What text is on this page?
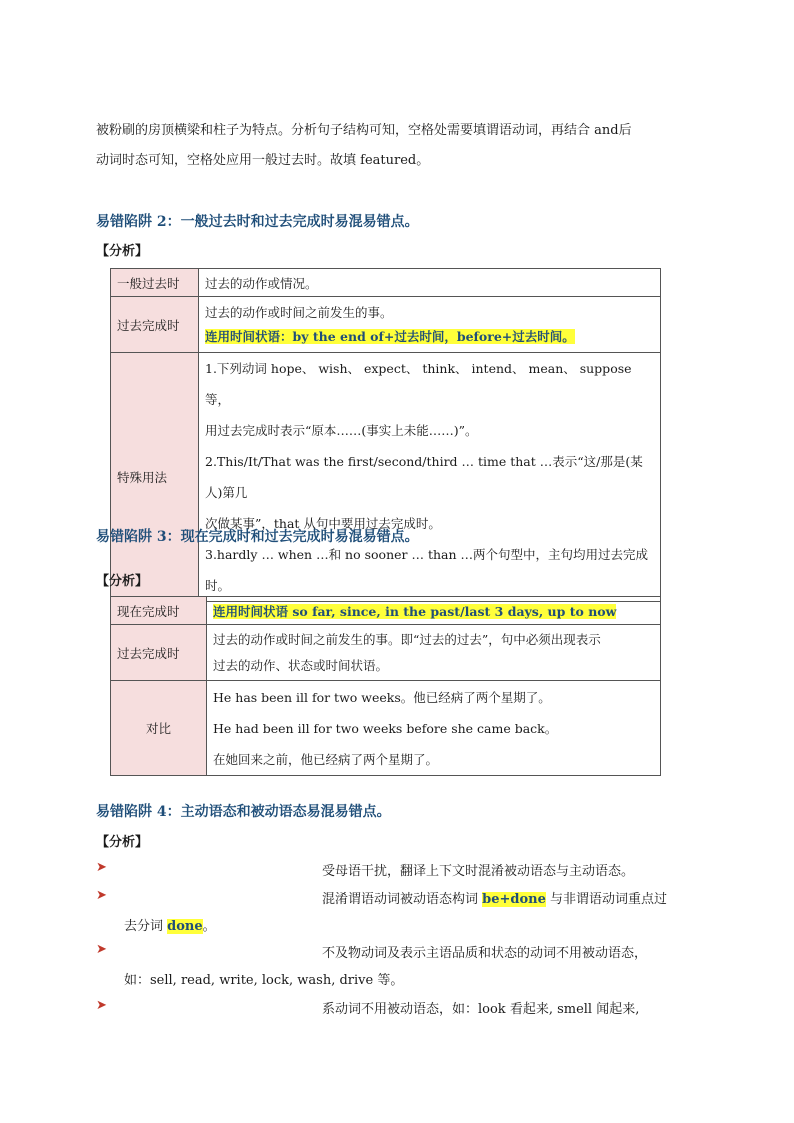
被粉刷的房顶横梁和柱子为特点。分析句子结构可知，空格处需要填谓语动词，再结合 and后
动词时态可知，空格处应用一般过去时。故填 featured。
易错陷阱 2：一般过去时和过去完成时易混易错点。
【分析】
一般过去时	过去的动作或情况。
过去完成时	过去的动作或时间之前发生的事。
连用时间状语：by the end of+过去时间，before+过去时间。

特殊用法	1.下列动词 hope、 wish、 expect、 think、 intend、 mean、 suppose等，
用过去完成时表示“原本……(事实上未能……)”。
2.This/It/That was the first/second/third … time that …表示“这/那是(某人)第几
次做某事”，that 从句中要用过去完成时。
3.hardly … when …和 no sooner … than …两个句型中，主句均用过去完成时。
易错陷阱 3：现在完成时和过去完成时易混易错点。
【分析】
现在完成时	连用时间状语 so far, since, in the past/last 3 days, up to now
过去完成时	过去的动作或时间之前发生的事。即“过去的过去”，句中必须出现表示
过去的动作、状态或时间状语。

对比	He has been ill for two weeks。他已经病了两个星期了。
He had been ill for two weeks before she came back。
在她回来之前，他已经病了两个星期了。
易错陷阱 4：主动语态和被动语态易混易错点。
【分析】
➤	受母语干扰，翻译上下文时混淆被动语态与主动语态。
➤	混淆谓语动词被动语态构词 be+done 与非谓语动词重点过
去分词 done。
➤	不及物动词及表示主语品质和状态的动词不用被动语态，
如：sell, read, write, lock, wash, drive 等。
➤	系动词不用被动语态，如：look 看起来, smell 闻起来,
